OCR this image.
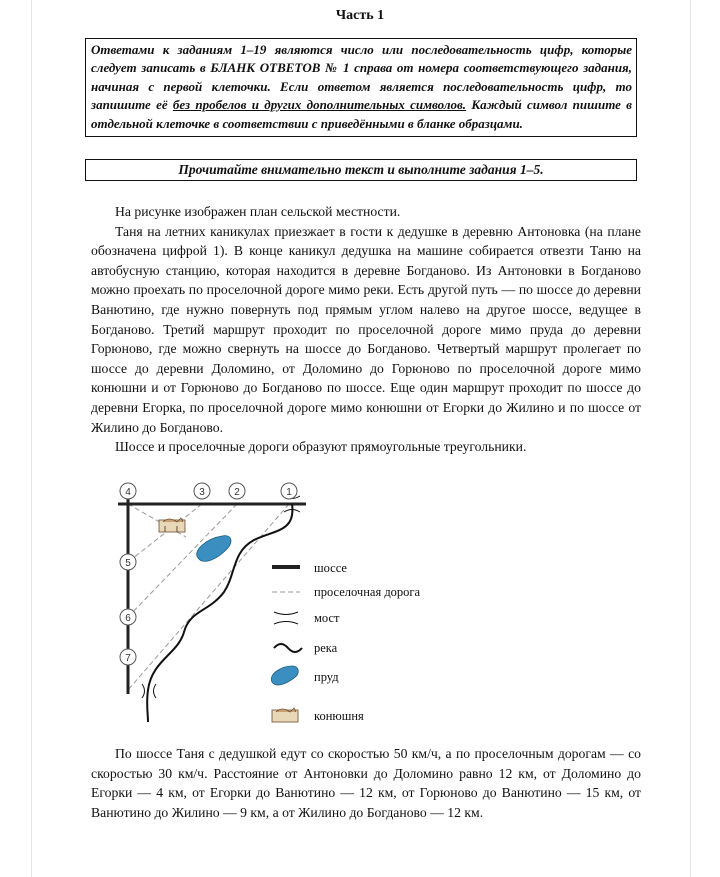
Часть 1
Ответами к заданиям 1–19 являются число или последовательность цифр, которые следует записать в БЛАНК ОТВЕТОВ № 1 справа от номера соответствующего задания, начиная с первой клеточки. Если ответом является последовательность цифр, то запишите её без пробелов и других дополнительных символов. Каждый символ пишите в отдельной клеточке в соответствии с приведёнными в бланке образцами.
Прочитайте внимательно текст и выполните задания 1–5.

На рисунке изображен план сельской местности.

Таня на летних каникулах приезжает в гости к дедушке в деревню Антоновка (на плане обозначена цифрой 1). В конце каникул дедушка на машине собирается отвезти Таню на автобусную станцию, которая находится в деревне Богданово. Из Антоновки в Богданово можно проехать по проселочной дороге мимо реки. Есть другой путь — по шоссе до деревни Ванютино, где нужно повернуть под прямым углом налево на другое шоссе, ведущее в Богданово. Третий маршрут проходит по проселочной дороге мимо пруда до деревни Горюново, где можно свернуть на шоссе до Богданово. Четвертый маршрут пролегает по шоссе до деревни Доломино, от Доломино до Горюново по проселочной дороге мимо конюшни и от Горюново до Богданово по шоссе. Еще один маршрут проходит по шоссе до деревни Егорка, по проселочной дороге мимо конюшни от Егорки до Жилино и по шоссе от Жилино до Богданово.

Шоссе и проселочные дороги образуют прямоугольные треугольники.

4	3	2	1
5
6
7
шоссе
проселочная дорога
мост
река
пруд
конюшня

По шоссе Таня с дедушкой едут со скоростью 50 км/ч, а по проселочным дорогам — со скоростью 30 км/ч. Расстояние от Антоновки до Доломино равно 12 км, от Доломино до Егорки — 4 км, от Егорки до Ванютино — 12 км, от Горюново до Ванютино — 15 км, от Ванютино до Жилино — 9 км, а от Жилино до Богданово — 12 км.
